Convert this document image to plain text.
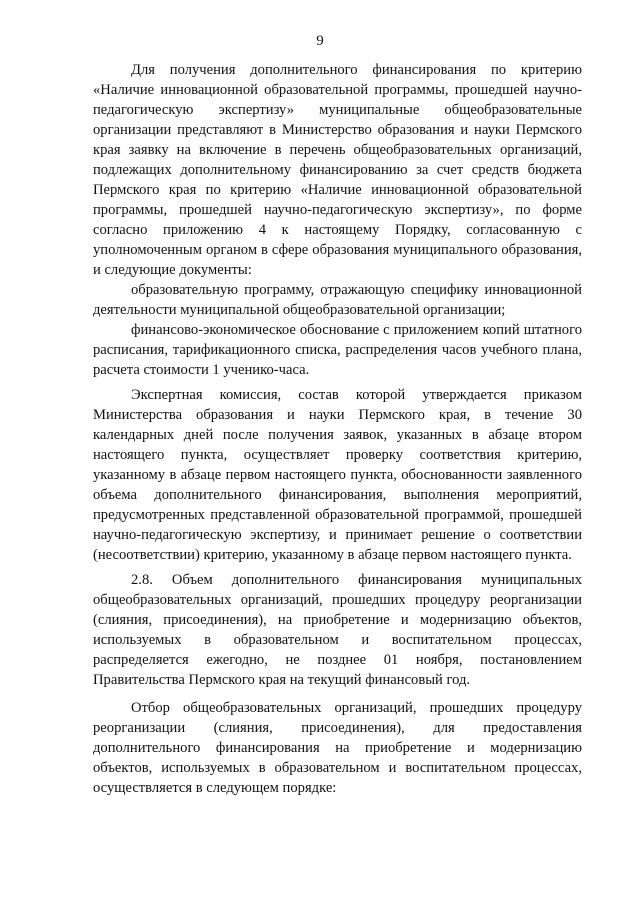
9

Для получения дополнительного финансирования по критерию «Наличие инновационной образовательной программы, прошедшей научно-педагогическую экспертизу» муниципальные общеобразовательные организации представляют в Министерство образования и науки Пермского края заявку на включение в перечень общеобразовательных организаций, подлежащих дополнительному финансированию за счет средств бюджета Пермского края по критерию «Наличие инновационной образовательной программы, прошедшей научно-педагогическую экспертизу», по форме согласно приложению 4 к настоящему Порядку, согласованную с уполномоченным органом в сфере образования муниципального образования, и следующие документы:

образовательную программу, отражающую специфику инновационной деятельности муниципальной общеобразовательной организации;

финансово-экономическое обоснование с приложением копий штатного расписания, тарификационного списка, распределения часов учебного плана, расчета стоимости 1 ученико-часа.

Экспертная комиссия, состав которой утверждается приказом Министерства образования и науки Пермского края, в течение 30 календарных дней после получения заявок, указанных в абзаце втором настоящего пункта, осуществляет проверку соответствия критерию, указанному в абзаце первом настоящего пункта, обоснованности заявленного объема дополнительного финансирования, выполнения мероприятий, предусмотренных представленной образовательной программой, прошедшей научно-педагогическую экспертизу, и принимает решение о соответствии (несоответствии) критерию, указанному в абзаце первом настоящего пункта.

2.8. Объем дополнительного финансирования муниципальных общеобразовательных организаций, прошедших процедуру реорганизации (слияния, присоединения), на приобретение и модернизацию объектов, используемых в образовательном и воспитательном процессах, распределяется ежегодно, не позднее 01 ноября, постановлением Правительства Пермского края на текущий финансовый год.

Отбор общеобразовательных организаций, прошедших процедуру реорганизации (слияния, присоединения), для предоставления дополнительного финансирования на приобретение и модернизацию объектов, используемых в образовательном и воспитательном процессах, осуществляется в следующем порядке:
